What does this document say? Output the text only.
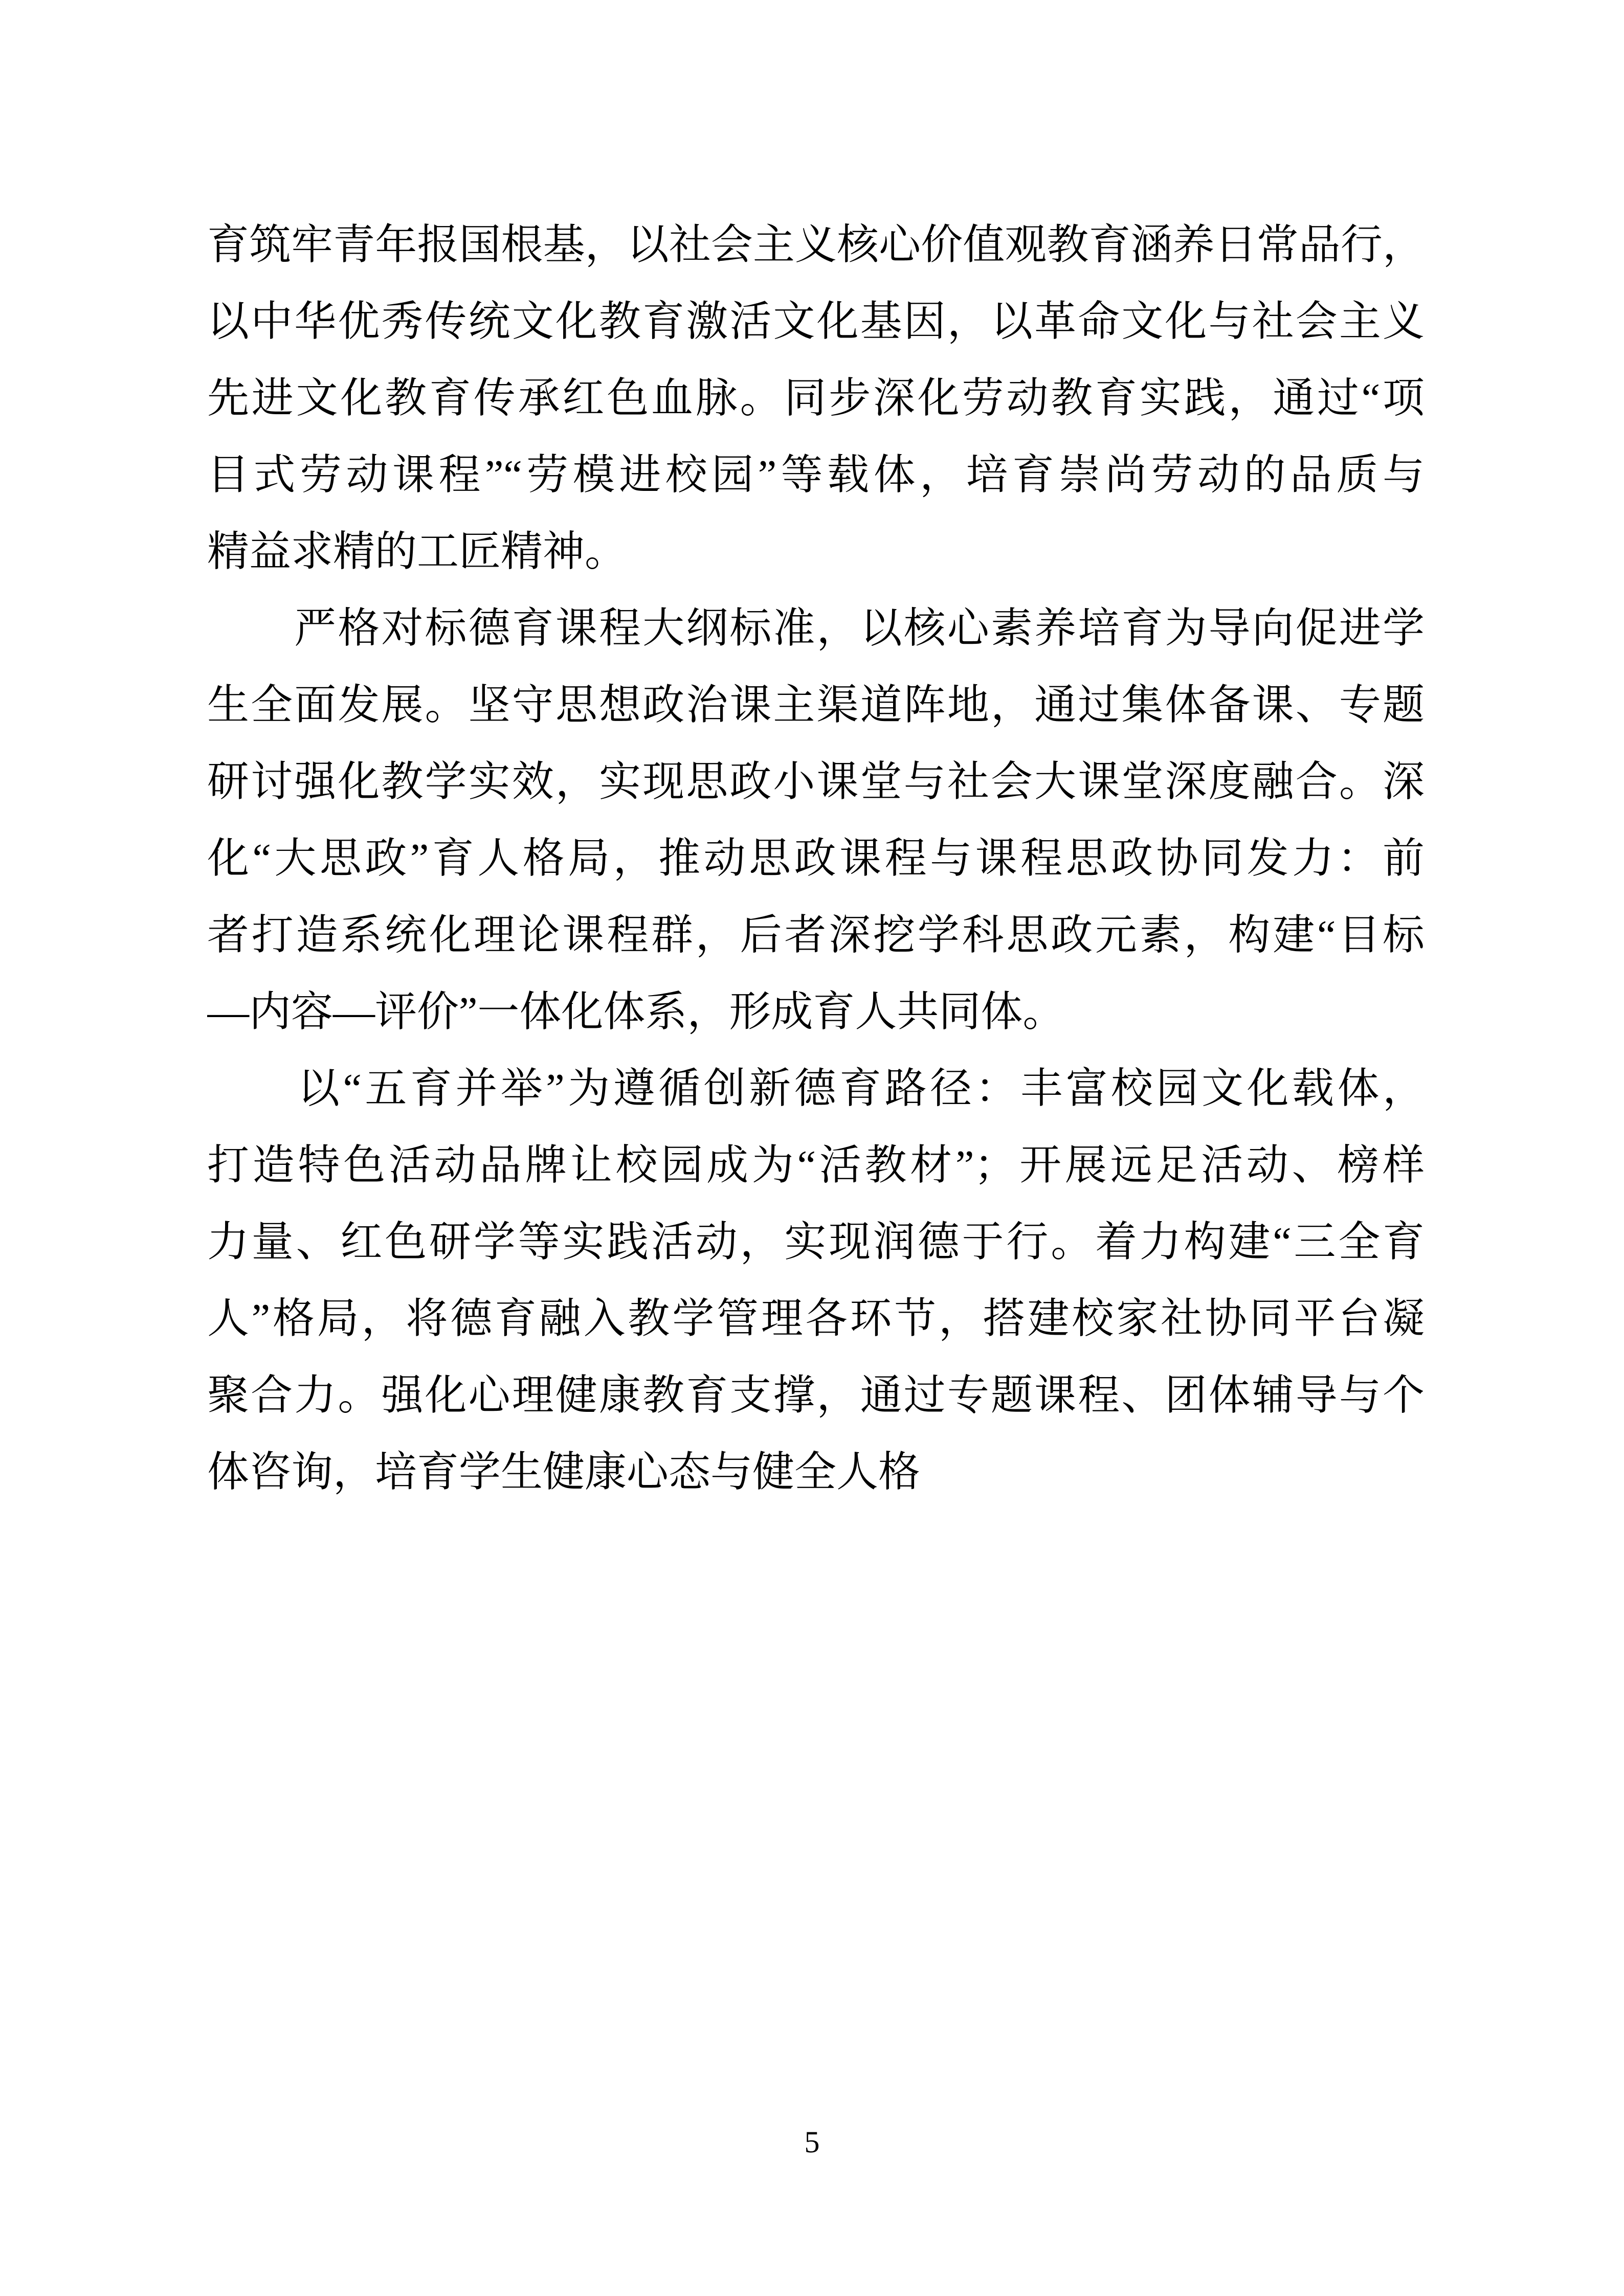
育筑牢青年报国根基，以社会主义核心价值观教育涵养日常品行，
以中华优秀传统文化教育激活文化基因，以革命文化与社会主义
先进文化教育传承红色血脉。同步深化劳动教育实践，通过“项
目式劳动课程”“劳模进校园”等载体，培育崇尚劳动的品质与
精益求精的工匠精神。
　　严格对标德育课程大纲标准，以核心素养培育为导向促进学
生全面发展。坚守思想政治课主渠道阵地，通过集体备课、专题
研讨强化教学实效，实现思政小课堂与社会大课堂深度融合。深
化“大思政”育人格局，推动思政课程与课程思政协同发力：前
者打造系统化理论课程群，后者深挖学科思政元素，构建“目标
—内容—评价”一体化体系，形成育人共同体。
　　以“五育并举”为遵循创新德育路径：丰富校园文化载体，
打造特色活动品牌让校园成为“活教材”；开展远足活动、榜样
力量、红色研学等实践活动，实现润德于行。着力构建“三全育
人”格局，将德育融入教学管理各环节，搭建校家社协同平台凝
聚合力。强化心理健康教育支撑，通过专题课程、团体辅导与个
体咨询，培育学生健康心态与健全人格
5
